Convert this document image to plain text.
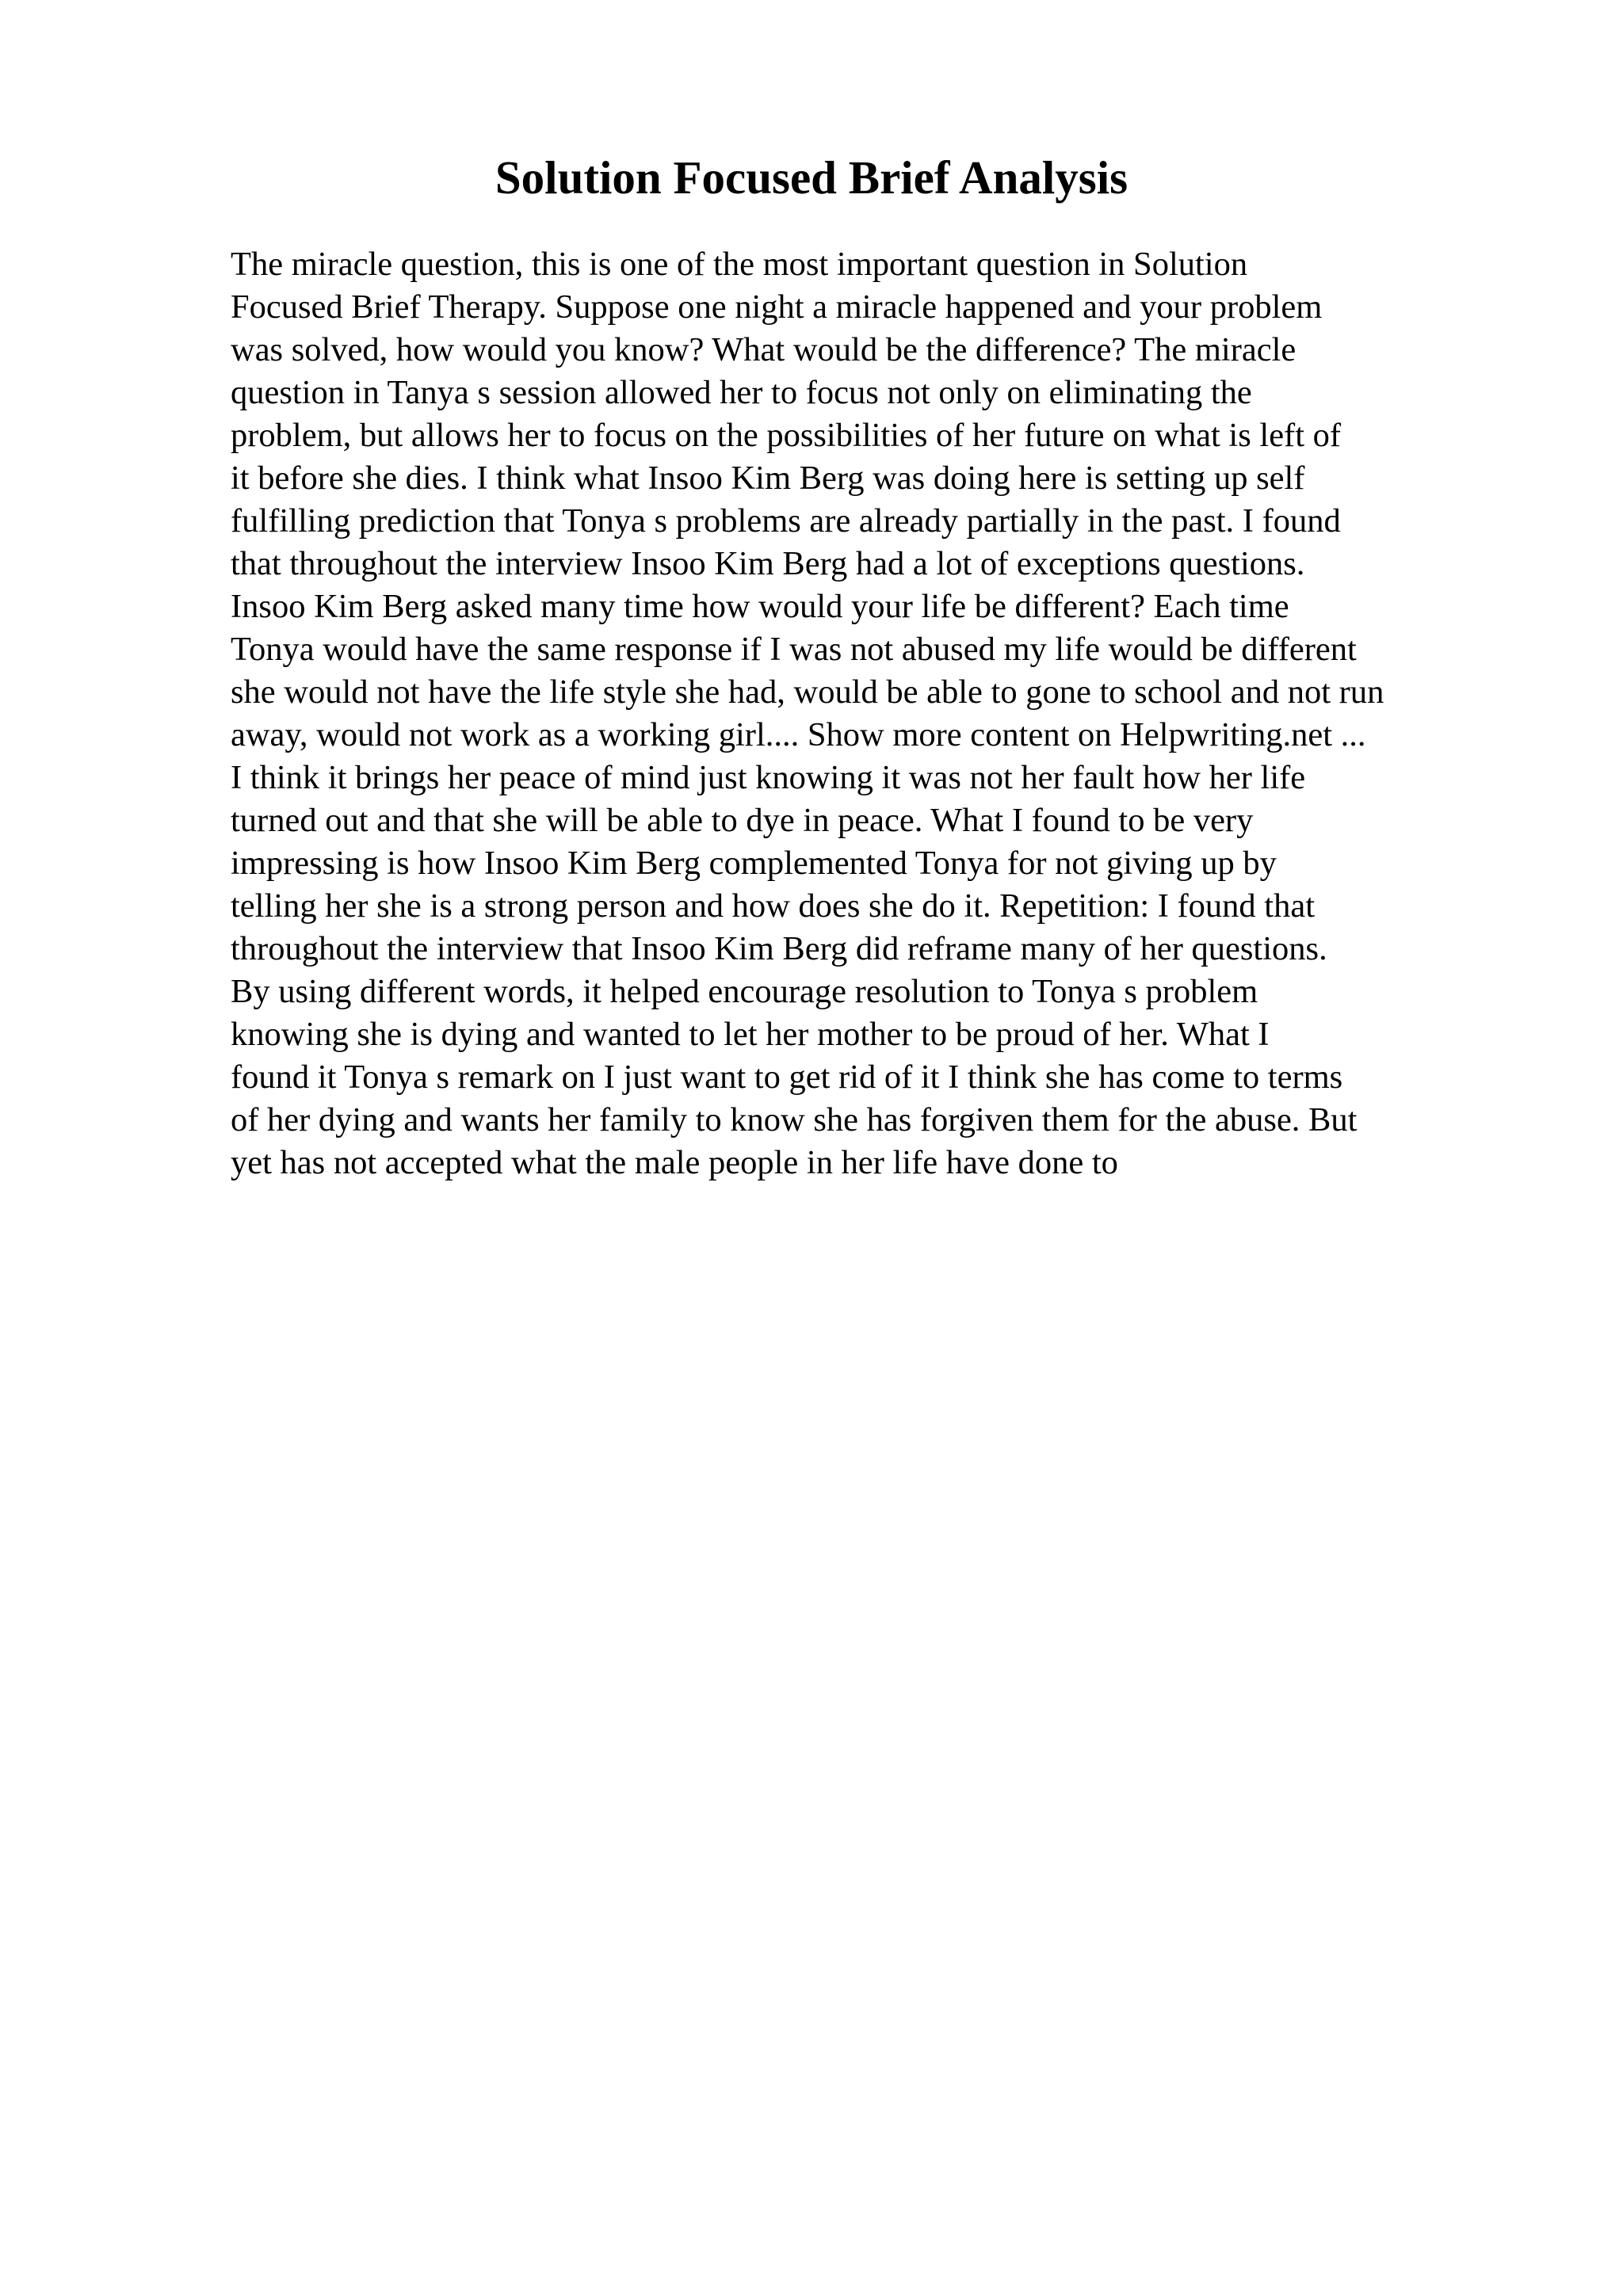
Solution Focused Brief Analysis
The miracle question, this is one of the most important question in Solution
Focused Brief Therapy. Suppose one night a miracle happened and your problem
was solved, how would you know? What would be the difference? The miracle
question in Tanya s session allowed her to focus not only on eliminating the
problem, but allows her to focus on the possibilities of her future on what is left of
it before she dies. I think what Insoo Kim Berg was doing here is setting up self
fulfilling prediction that Tonya s problems are already partially in the past. I found
that throughout the interview Insoo Kim Berg had a lot of exceptions questions.
Insoo Kim Berg asked many time how would your life be different? Each time
Tonya would have the same response if I was not abused my life would be different
she would not have the life style she had, would be able to gone to school and not run
away, would not work as a working girl.... Show more content on Helpwriting.net ...
I think it brings her peace of mind just knowing it was not her fault how her life
turned out and that she will be able to dye in peace. What I found to be very
impressing is how Insoo Kim Berg complemented Tonya for not giving up by
telling her she is a strong person and how does she do it. Repetition: I found that
throughout the interview that Insoo Kim Berg did reframe many of her questions.
By using different words, it helped encourage resolution to Tonya s problem
knowing she is dying and wanted to let her mother to be proud of her. What I
found it Tonya s remark on I just want to get rid of it I think she has come to terms
of her dying and wants her family to know she has forgiven them for the abuse. But
yet has not accepted what the male people in her life have done to
